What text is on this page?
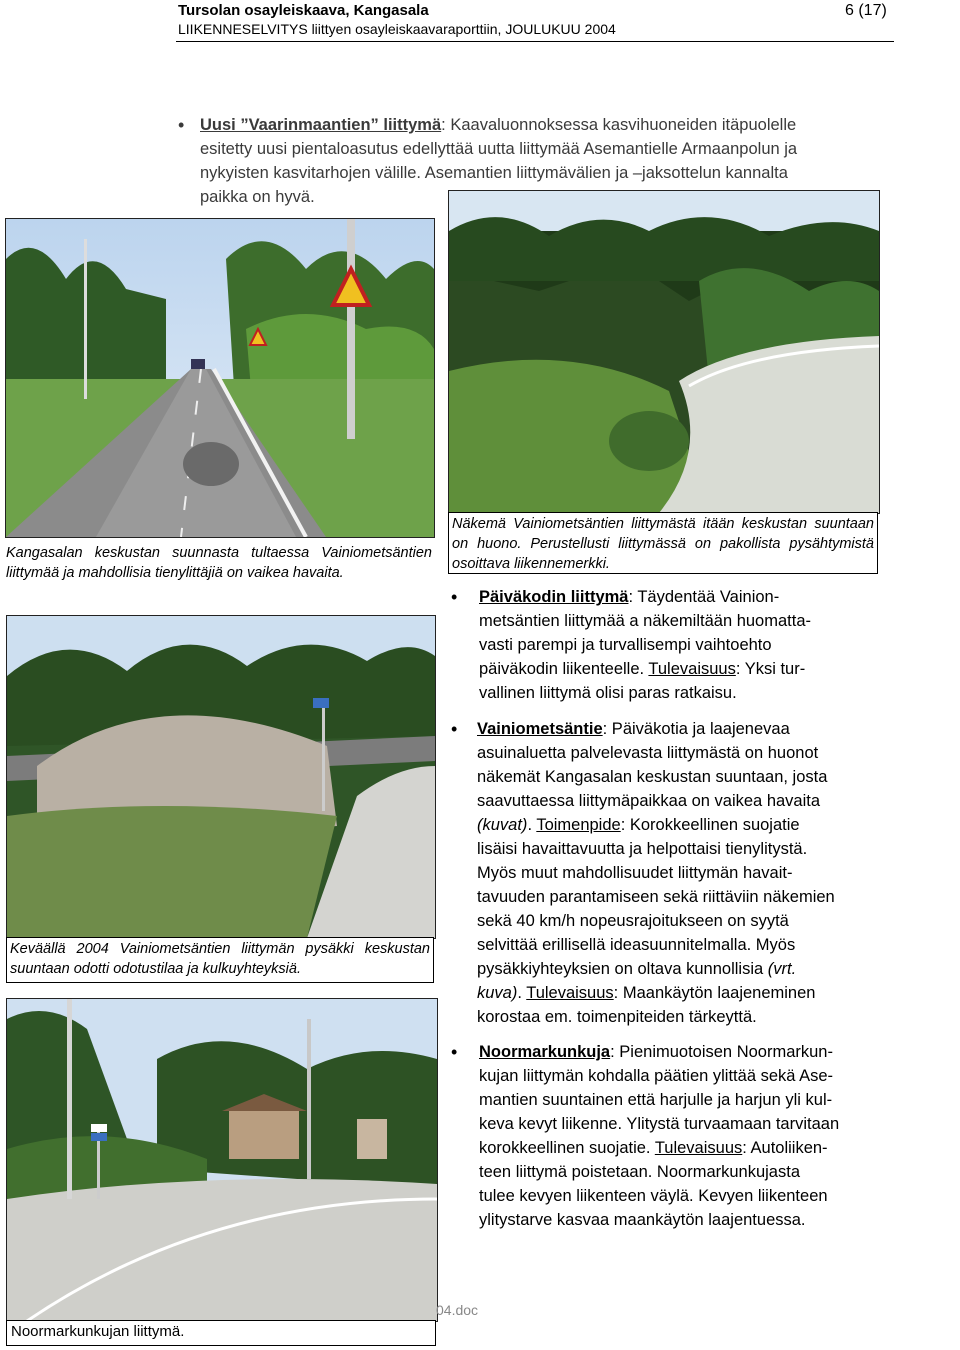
Tursolan osayleiskaava, Kangasala
LIIKENNESELVITYS liittyen osayleiskaavaraporttiin, JOULUKUU 2004
6 (17)
• Uusi ”Vaarinmaantien” liittymä: Kaavaluonnoksessa kasvihuoneiden itäpuolelle
esitetty uusi pientaloasutus edellyttää uutta liittymää Asemantielle Armaanpolun ja
nykyisten kasvitarhojen välille. Asemantien liittymävälien ja –jaksottelun kannalta
paikka on hyvä.
Kangasalan keskustan suunnasta tultaessa Vainiometsäntien liittymää ja mahdollisia tienylittäjiä on vaikea havaita.
Näkemä Vainiometsäntien liittymästä itään keskustan suuntaan on huono. Perustellusti liittymässä on pakollista pysähtymistä osoittava liikennemerkki.
• Päiväkodin liittymä: Täydentää Vainion-
metsäntien liittymää a näkemiltään huomatta-
vasti parempi ja turvallisempi vaihtoehto
päiväkodin liikenteelle. Tulevaisuus: Yksi tur-
vallinen liittymä olisi paras ratkaisu.
Keväällä 2004 Vainiometsäntien liittymän pysäkki keskustan suuntaan odotti odotustilaa ja kulkuyhteyksiä.
• Vainiometsäntie: Päiväkotia ja laajenevaa
asuinaluetta palvelevasta liittymästä on huonot
näkemät Kangasalan keskustan suuntaan, josta
saavuttaessa liittymäpaikkaa on vaikea havaita
(kuvat). Toimenpide: Korokkeellinen suojatie
lisäisi havaittavuutta ja helpottaisi tienylitystä.
Myös muut mahdollisuudet liittymän havait-
tavuuden parantamiseen sekä riittäviin näkemien
sekä 40 km/h nopeusrajoitukseen on syytä
selvittää erillisellä ideasuunnitelmalla. Myös
pysäkkiyhteyksien on oltava kunnollisia (vrt.
kuva). Tulevaisuus: Maankäytön laajeneminen
korostaa em. toimenpiteiden tärkeyttä.
04.doc
Noormarkunkujan liittymä.
• Noormarkunkuja: Pienimuotoisen Noormarkun-
kujan liittymän kohdalla päätien ylittää sekä Ase-
mantien suuntainen että harjulle ja harjun yli kul-
keva kevyt liikenne. Ylitystä turvaamaan tarvitaan
korokkeellinen suojatie. Tulevaisuus: Autoliiken-
teen liittymä poistetaan. Noormarkunkujasta
tulee kevyen liikenteen väylä. Kevyen liikenteen
ylitystarve kasvaa maankäytön laajentuessa.
